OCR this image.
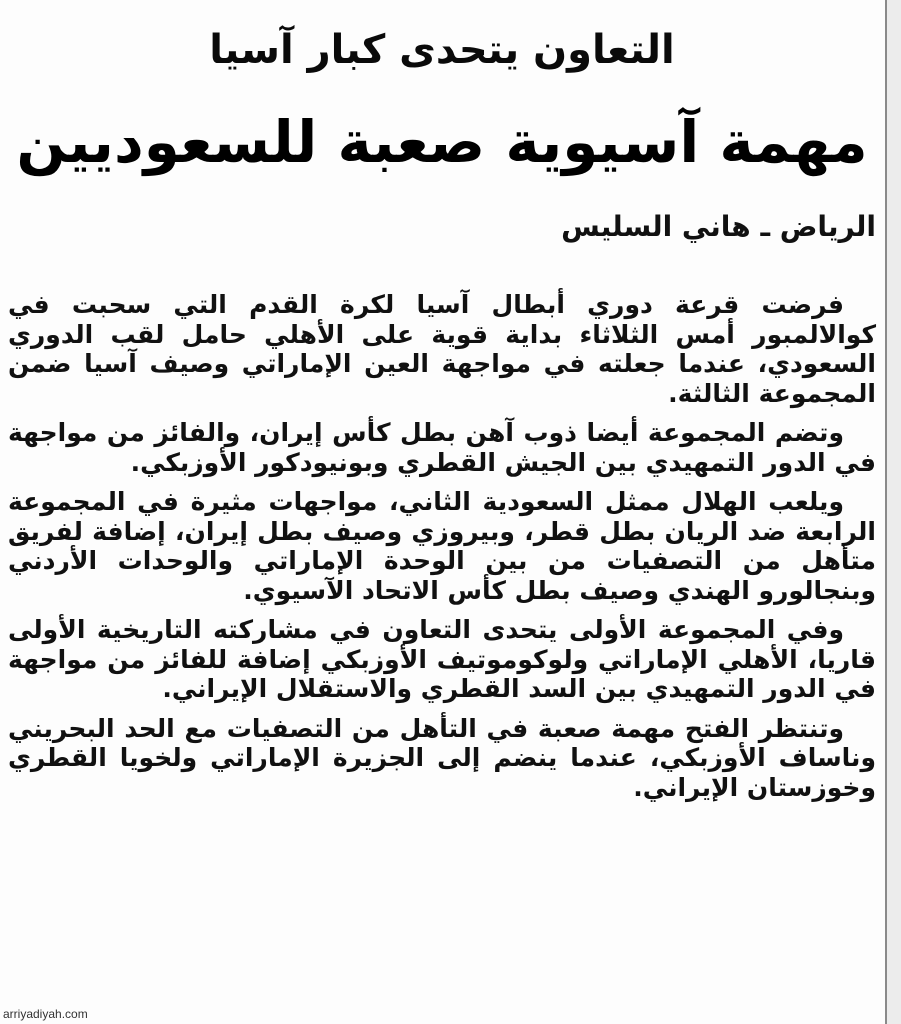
التعاون يتحدى كبار آسيا
مهمة آسيوية صعبة للسعوديين
الرياض ـ هاني السليس

فرضت قرعة دوري أبطال آسيا لكرة القدم التي سحبت في كوالالمبور أمس الثلاثاء بداية قوية على الأهلي حامل لقب الدوري السعودي، عندما جعلته في مواجهة العين الإماراتي وصيف آسيا ضمن المجموعة الثالثة.

وتضم المجموعة أيضا ذوب آهن بطل كأس إيران، والفائز من مواجهة في الدور التمهيدي بين الجيش القطري وبونيودكور الأوزبكي.

ويلعب الهلال ممثل السعودية الثاني، مواجهات مثيرة في المجموعة الرابعة ضد الريان بطل قطر، وبيروزي وصيف بطل إيران، إضافة لفريق متأهل من التصفيات من بين الوحدة الإماراتي والوحدات الأردني وبنجالورو الهندي وصيف بطل كأس الاتحاد الآسيوي.

وفي المجموعة الأولى يتحدى التعاون في مشاركته التاريخية الأولى قاريا، الأهلي الإماراتي ولوكوموتيف الأوزبكي إضافة للفائز من مواجهة في الدور التمهيدي بين السد القطري والاستقلال الإيراني.

وتنتظر الفتح مهمة صعبة في التأهل من التصفيات مع الحد البحريني وناساف الأوزبكي، عندما ينضم إلى الجزيرة الإماراتي ولخويا القطري وخوزستان الإيراني.

arriyadiyah.com
